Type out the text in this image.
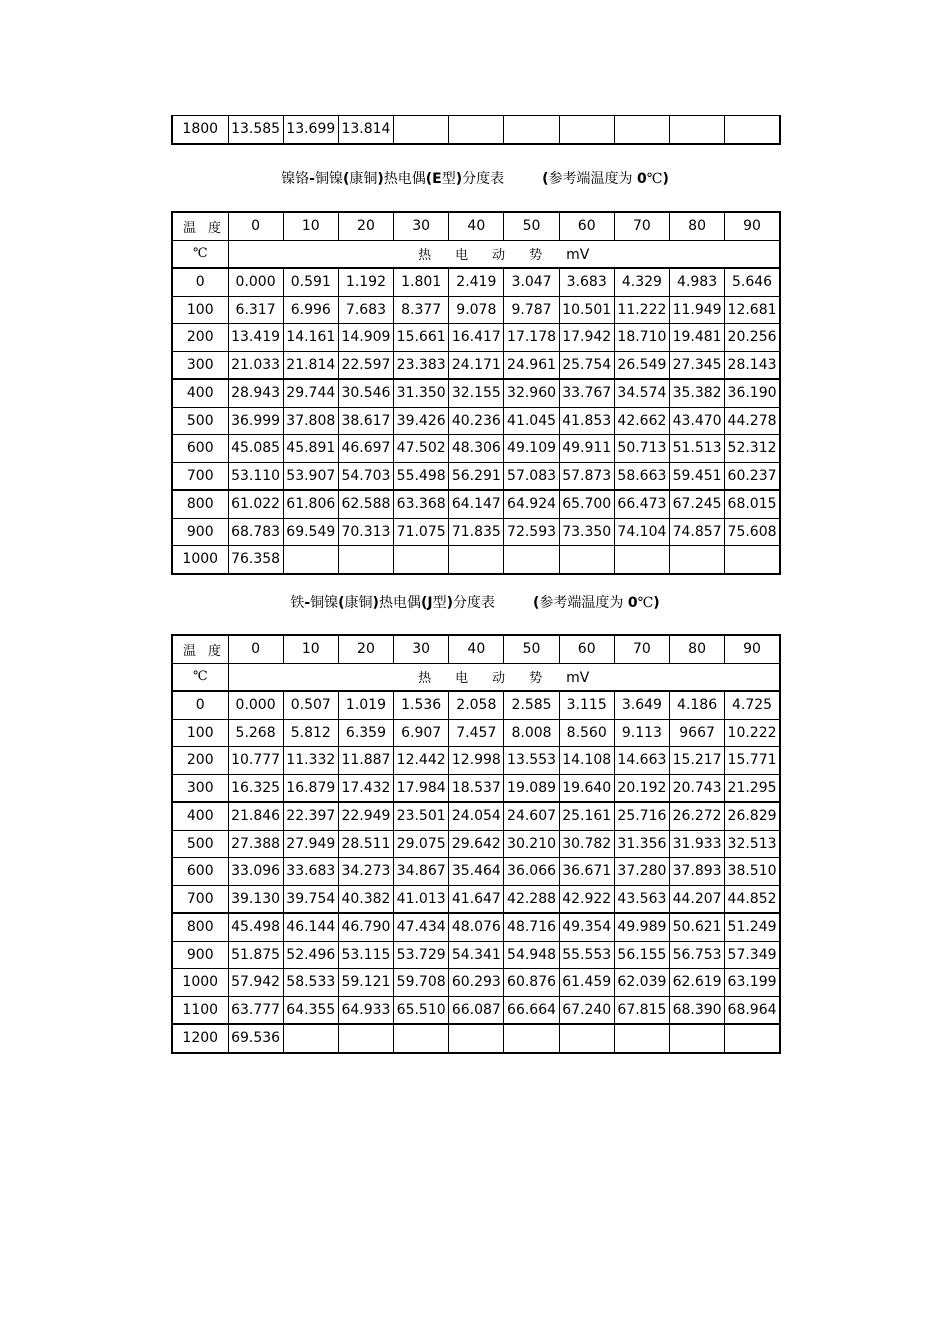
1800	13.585	13.699	13.814							
镍铬-铜镍(康铜)热电偶(E型)分度表	(参考端温度为 0℃)
温度	0	10	20	30	40	50	60	70	80	90
℃	热电动势mV									
0	0.000	0.591	1.192	1.801	2.419	3.047	3.683	4.329	4.983	5.646
100	6.317	6.996	7.683	8.377	9.078	9.787	10.501	11.222	11.949	12.681
200	13.419	14.161	14.909	15.661	16.417	17.178	17.942	18.710	19.481	20.256
300	21.033	21.814	22.597	23.383	24.171	24.961	25.754	26.549	27.345	28.143
400	28.943	29.744	30.546	31.350	32.155	32.960	33.767	34.574	35.382	36.190
500	36.999	37.808	38.617	39.426	40.236	41.045	41.853	42.662	43.470	44.278
600	45.085	45.891	46.697	47.502	48.306	49.109	49.911	50.713	51.513	52.312
700	53.110	53.907	54.703	55.498	56.291	57.083	57.873	58.663	59.451	60.237
800	61.022	61.806	62.588	63.368	64.147	64.924	65.700	66.473	67.245	68.015
900	68.783	69.549	70.313	71.075	71.835	72.593	73.350	74.104	74.857	75.608
1000	76.358									
铁-铜镍(康铜)热电偶(J型)分度表	(参考端温度为 0℃)
温度	0	10	20	30	40	50	60	70	80	90
℃	热电动势mV									
0	0.000	0.507	1.019	1.536	2.058	2.585	3.115	3.649	4.186	4.725
100	5.268	5.812	6.359	6.907	7.457	8.008	8.560	9.113	9667	10.222
200	10.777	11.332	11.887	12.442	12.998	13.553	14.108	14.663	15.217	15.771
300	16.325	16.879	17.432	17.984	18.537	19.089	19.640	20.192	20.743	21.295
400	21.846	22.397	22.949	23.501	24.054	24.607	25.161	25.716	26.272	26.829
500	27.388	27.949	28.511	29.075	29.642	30.210	30.782	31.356	31.933	32.513
600	33.096	33.683	34.273	34.867	35.464	36.066	36.671	37.280	37.893	38.510
700	39.130	39.754	40.382	41.013	41.647	42.288	42.922	43.563	44.207	44.852
800	45.498	46.144	46.790	47.434	48.076	48.716	49.354	49.989	50.621	51.249
900	51.875	52.496	53.115	53.729	54.341	54.948	55.553	56.155	56.753	57.349
1000	57.942	58.533	59.121	59.708	60.293	60.876	61.459	62.039	62.619	63.199
1100	63.777	64.355	64.933	65.510	66.087	66.664	67.240	67.815	68.390	68.964
1200	69.536									
